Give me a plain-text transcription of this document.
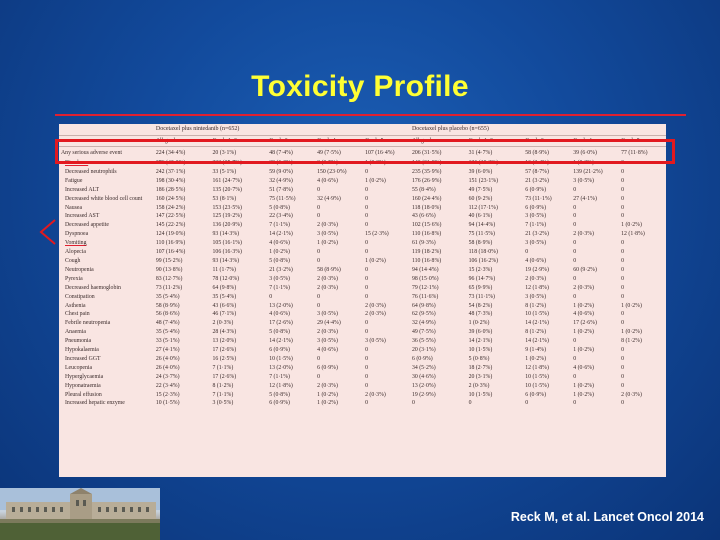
Toxicity Profile
	Docetaxel plus nintedanib (n=652)					Docetaxel plus placebo (n=655)				
	All grades	Grade 1–2	Grade 3	Grade 4	Grade 5	All grades	Grade 1–2	Grade 3	Grade 4	Grade 5
Any serious adverse event	224 (34·4%)	20 (3·1%)	48 (7·4%)	49 (7·5%)	107 (16·4%)	206 (31·5%)	31 (4·7%)	58 (8·9%)	39 (6·0%)	77 (11·8%)
Diarrhoea	276 (42·3%)	233 (35·7%)	39 (6·0%)	3 (0·5%)	1 (0·2%)	143 (21·8%)	126 (19·2%)	16 (2·4%)	1 (0·2%)	0
Decreased neutrophils	242 (37·1%)	33 (5·1%)	59 (9·0%)	150 (23·0%)	0	235 (35·9%)	39 (6·0%)	57 (8·7%)	139 (21·2%)	0
Fatigue	198 (30·4%)	161 (24·7%)	32 (4·9%)	4 (0·6%)	1 (0·2%)	176 (26·9%)	151 (23·1%)	21 (3·2%)	3 (0·5%)	0
Increased ALT	186 (28·5%)	135 (20·7%)	51 (7·8%)	0	0	55 (8·4%)	49 (7·5%)	6 (0·9%)	0	0
Decreased white blood cell count	160 (24·5%)	53 (8·1%)	75 (11·5%)	32 (4·9%)	0	160 (24·4%)	60 (9·2%)	73 (11·1%)	27 (4·1%)	0
Nausea	158 (24·2%)	153 (23·5%)	5 (0·8%)	0	0	118 (18·0%)	112 (17·1%)	6 (0·9%)	0	0
Increased AST	147 (22·5%)	125 (19·2%)	22 (3·4%)	0	0	43 (6·6%)	40 (6·1%)	3 (0·5%)	0	0
Decreased appetite	145 (22·2%)	136 (20·9%)	7 (1·1%)	2 (0·3%)	0	102 (15·6%)	94 (14·4%)	7 (1·1%)	0	1 (0·2%)
Dyspnoea	124 (19·0%)	93 (14·3%)	14 (2·1%)	3 (0·5%)	15 (2·3%)	110 (16·8%)	75 (11·5%)	21 (3·2%)	2 (0·3%)	12 (1·8%)
Vomiting	110 (16·9%)	105 (16·1%)	4 (0·6%)	1 (0·2%)	0	61 (9·3%)	58 (8·9%)	3 (0·5%)	0	0
Alopecia	107 (16·4%)	106 (16·3%)	1 (0·2%)	0	0	119 (18·2%)	118 (18·0%)	0	0	0
Cough	99 (15·2%)	93 (14·3%)	5 (0·8%)	0	1 (0·2%)	110 (16·8%)	106 (16·2%)	4 (0·6%)	0	0
Neutropenia	90 (13·8%)	11 (1·7%)	21 (3·2%)	58 (8·9%)	0	94 (14·4%)	15 (2·3%)	19 (2·9%)	60 (9·2%)	0
Pyrexia	83 (12·7%)	78 (12·0%)	3 (0·5%)	2 (0·3%)	0	98 (15·0%)	96 (14·7%)	2 (0·3%)	0	0
Decreased haemoglobin	73 (11·2%)	64 (9·8%)	7 (1·1%)	2 (0·3%)	0	79 (12·1%)	65 (9·9%)	12 (1·8%)	2 (0·3%)	0
Constipation	35 (5·4%)	35 (5·4%)	0	0	0	76 (11·6%)	73 (11·1%)	3 (0·5%)	0	0
Asthenia	58 (8·9%)	43 (6·6%)	13 (2·0%)	0	2 (0·3%)	64 (9·8%)	54 (8·2%)	8 (1·2%)	1 (0·2%)	1 (0·2%)
Chest pain	56 (8·6%)	46 (7·1%)	4 (0·6%)	3 (0·5%)	2 (0·3%)	62 (9·5%)	48 (7·3%)	10 (1·5%)	4 (0·6%)	0
Febrile neutropenia	48 (7·4%)	2 (0·3%)	17 (2·6%)	29 (4·4%)	0	32 (4·9%)	1 (0·2%)	14 (2·1%)	17 (2·6%)	0
Anaemia	35 (5·4%)	28 (4·3%)	5 (0·8%)	2 (0·3%)	0	49 (7·5%)	39 (6·0%)	8 (1·2%)	1 (0·2%)	1 (0·2%)
Pneumonia	33 (5·1%)	13 (2·0%)	14 (2·1%)	3 (0·5%)	3 (0·5%)	36 (5·5%)	14 (2·1%)	14 (2·1%)	0	8 (1·2%)
Hypokalaemia	27 (4·1%)	17 (2·6%)	6 (0·9%)	4 (0·6%)	0	20 (3·1%)	10 (1·5%)	9 (1·4%)	1 (0·2%)	0
Increased GGT	26 (4·0%)	16 (2·5%)	10 (1·5%)	0	0	6 (0·9%)	5 (0·8%)	1 (0·2%)	0	0
Leucopenia	26 (4·0%)	7 (1·1%)	13 (2·0%)	6 (0·9%)	0	34 (5·2%)	18 (2·7%)	12 (1·8%)	4 (0·6%)	0
Hyperglycaemia	24 (3·7%)	17 (2·6%)	7 (1·1%)	0	0	30 (4·6%)	20 (3·1%)	10 (1·5%)	0	0
Hyponatraemia	22 (3·4%)	8 (1·2%)	12 (1·8%)	2 (0·3%)	0	13 (2·0%)	2 (0·3%)	10 (1·5%)	1 (0·2%)	0
Pleural effusion	15 (2·3%)	7 (1·1%)	5 (0·8%)	1 (0·2%)	2 (0·3%)	19 (2·9%)	10 (1·5%)	6 (0·9%)	1 (0·2%)	2 (0·3%)
Increased hepatic enzyme	10 (1·5%)	3 (0·5%)	6 (0·9%)	1 (0·2%)	0	0	0	0	0	0
Reck M, et al. Lancet Oncol 2014
